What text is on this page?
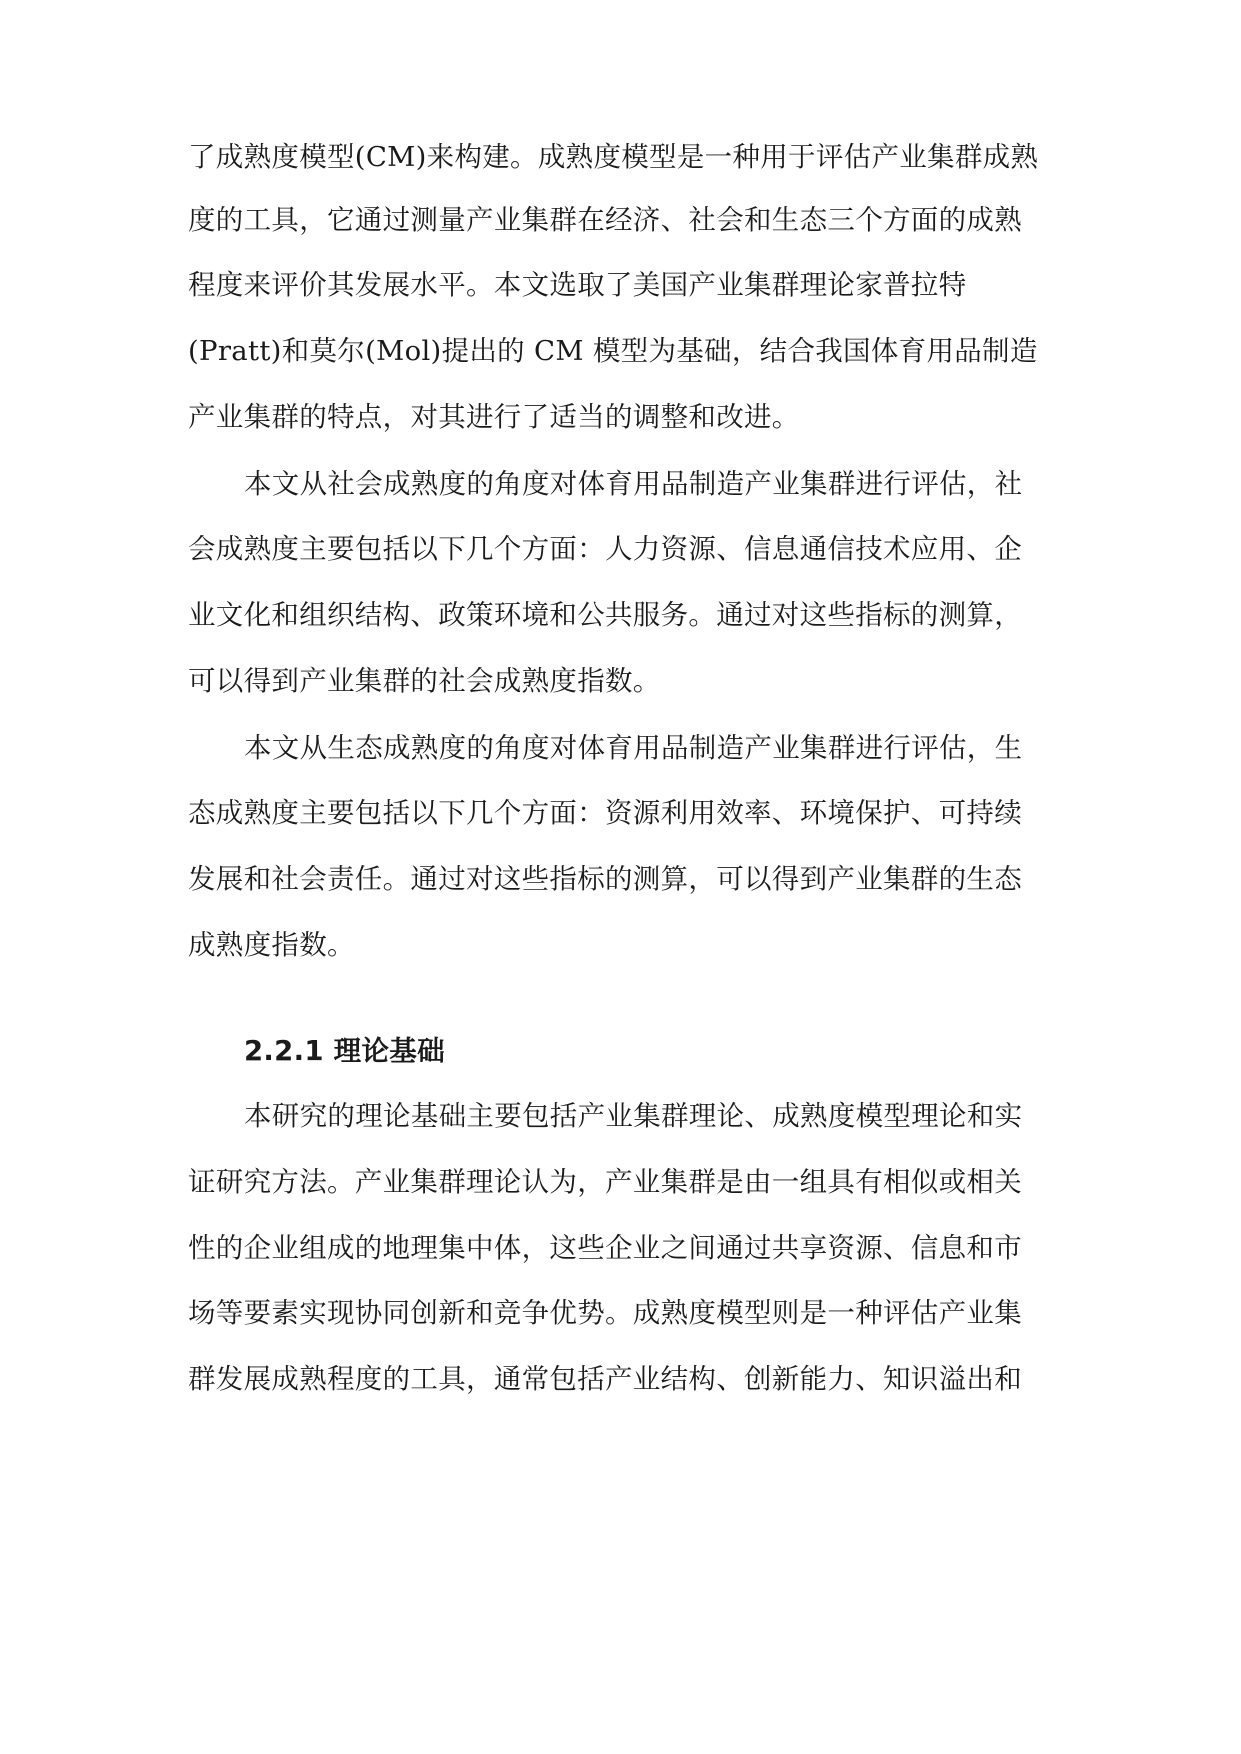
了成熟度模型(CM)来构建。成熟度模型是一种用于评估产业集群成熟
度的工具，它通过测量产业集群在经济、社会和生态三个方面的成熟
程度来评价其发展水平。本文选取了美国产业集群理论家普拉特
(Pratt)和莫尔(Mol)提出的 CM 模型为基础，结合我国体育用品制造
产业集群的特点，对其进行了适当的调整和改进。
本文从社会成熟度的角度对体育用品制造产业集群进行评估，社
会成熟度主要包括以下几个方面：人力资源、信息通信技术应用、企
业文化和组织结构、政策环境和公共服务。通过对这些指标的测算，
可以得到产业集群的社会成熟度指数。
本文从生态成熟度的角度对体育用品制造产业集群进行评估，生
态成熟度主要包括以下几个方面：资源利用效率、环境保护、可持续
发展和社会责任。通过对这些指标的测算，可以得到产业集群的生态
成熟度指数。
2.2.1 理论基础
本研究的理论基础主要包括产业集群理论、成熟度模型理论和实
证研究方法。产业集群理论认为，产业集群是由一组具有相似或相关
性的企业组成的地理集中体，这些企业之间通过共享资源、信息和市
场等要素实现协同创新和竞争优势。成熟度模型则是一种评估产业集
群发展成熟程度的工具，通常包括产业结构、创新能力、知识溢出和
